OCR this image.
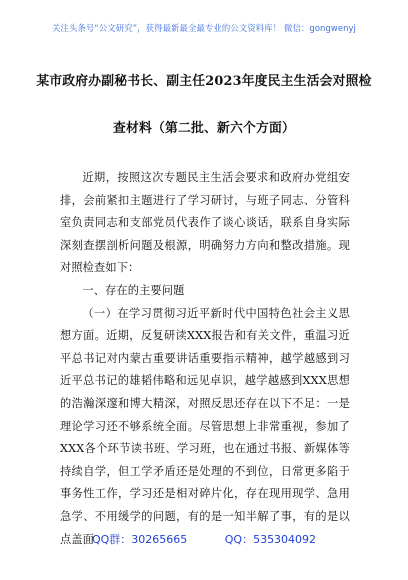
关注头条号“公文研究”，获得最新最全最专业的公文资料库！ 微信：gongwenyj
某市政府办副秘书长、副主任2023年度民主生活会对照检
查材料（第二批、新六个方面）

近期，按照这次专题民主生活会要求和政府办党组安排，会前紧扣主题进行了学习研讨，与班子同志、分管科室负责同志和支部党员代表作了谈心谈话，联系自身实际深刻查摆剖析问题及根源，明确努力方向和整改措施。现对照检查如下：

一、存在的主要问题

（一）在学习贯彻习近平新时代中国特色社会主义思想方面。近期，反复研读XXX报告和有关文件，重温习近平总书记对内蒙古重要讲话重要指示精神，越学越感到习近平总书记的雄韬伟略和远见卓识，越学越感到XXX思想的浩瀚深邃和博大精深，对照反思还存在以下不足：一是理论学习还不够系统全面。尽管思想上非常重视，参加了XXX各个环节读书班、学习班，也在通过书报、新媒体等持续自学，但工学矛盾还是处理的不到位，日常更多陷于事务性工作，学习还是相对碎片化，存在现用现学、急用急学、不用缓学的问题，有的是一知半解了事，有的是以点盖面

QQ群：30265665	QQ：535304092
